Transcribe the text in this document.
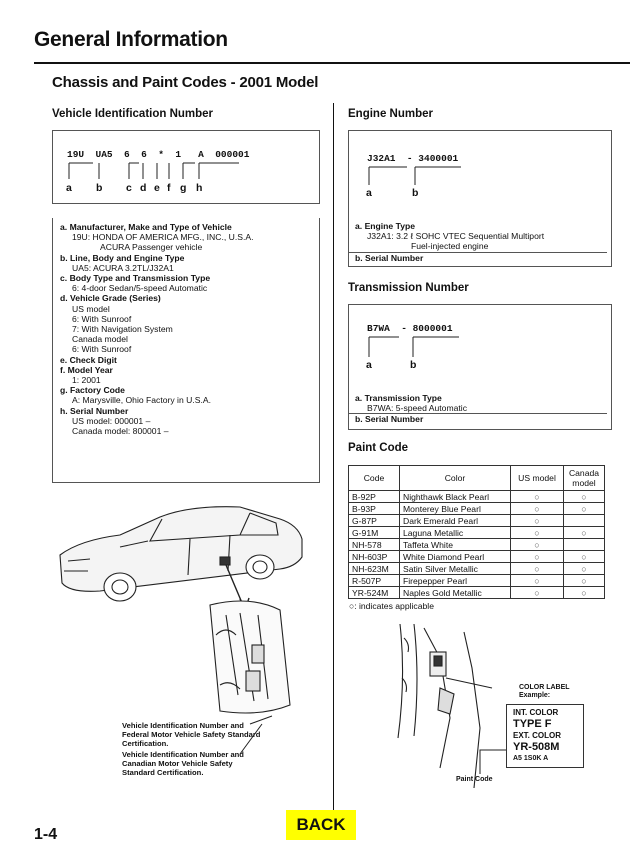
General Information
Chassis and Paint Codes - 2001 Model
Vehicle Identification Number
19U  UA5  6  6  *  1   A  000001
a b c d e f g h
a. Manufacturer, Make and Type of Vehicle
19U: HONDA OF AMERICA MFG., INC., U.S.A.
ACURA Passenger vehicle
b. Line, Body and Engine Type
UA5: ACURA 3.2TL/J32A1
c. Body Type and Transmission Type
6: 4-door Sedan/5-speed Automatic
d. Vehicle Grade (Series)
US model
6: With Sunroof
7: With Navigation System
Canada model
6: With Sunroof
e. Check Digit
f. Model Year
1: 2001
g. Factory Code
A: Marysville, Ohio Factory in U.S.A.
h. Serial Number
US model: 000001 –
Canada model: 800001 –
Vehicle Identification Number and Federal Motor Vehicle Safety Standard Certification.
Vehicle Identification Number and Canadian Motor Vehicle Safety Standard Certification.
Engine Number
J32A1  - 3400001
a	b
a. Engine Type
J32A1: 3.2 ℓ SOHC VTEC Sequential Multiport
Fuel-injected engine
b. Serial Number
Transmission Number
B7WA  - 8000001
a	b
a. Transmission Type
B7WA: 5-speed Automatic
b. Serial Number
Paint Code
Code	Color	US model	Canada model
B-92P	Nighthawk Black Pearl	○	○
B-93P	Monterey Blue Pearl	○	○
G-87P	Dark Emerald Pearl	○	
G-91M	Laguna Metallic	○	○
NH-578	Taffeta White	○	
NH-603P	White Diamond Pearl	○	○
NH-623M	Satin Silver Metallic	○	○
R-507P	Firepepper Pearl	○	○
YR-524M	Naples Gold Metallic	○	○
○: indicates applicable
COLOR LABEL
Example:
INT. COLOR
TYPE F
EXT. COLOR
YR-508M
A5 1S0K A
Paint Code
1-4
BACK
